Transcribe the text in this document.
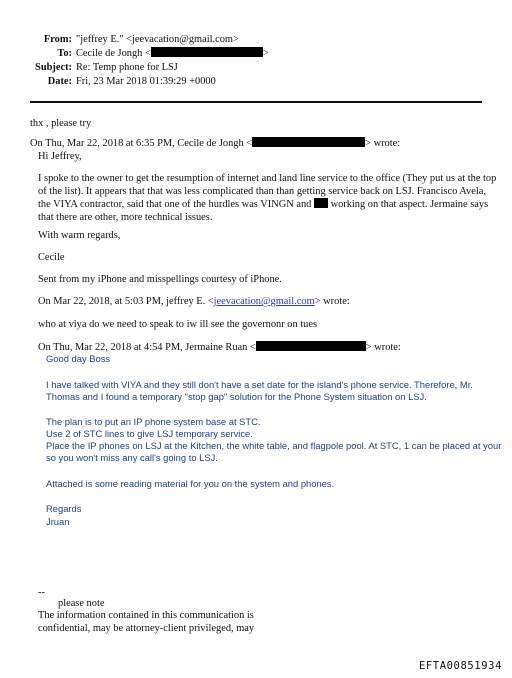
From: "jeffrey E." <jeevacation@gmail.com>
To: Cecile de Jongh <	>
Subject: Re: Temp phone for LSJ
Date: Fri, 23 Mar 2018 01:39:29 +0000
thx , please try
On Thu, Mar 22, 2018 at 6:35 PM, Cecile de Jongh <	> wrote:
Hi Jeffrey,

I spoke to the owner to get the resumption of internet and land line service to the office (They put us at the top

of the list). It appears that that was less complicated than than getting service back on LSJ. Francisco Avela,

the VIYA contractor, said that one of the hurdles was VINGN and working on that aspect. Jermaine says

that there are other, more technical issues.

With warm regards,
Cecile
Sent from my iPhone and misspellings courtesy of iPhone.
On Mar 22, 2018, at 5:03 PM, jeffrey E. <jeevacation@gmail.com> wrote:
who at viya do we need to speak to iw ill see the governonr on tues
On Thu, Mar 22, 2018 at 4:54 PM, Jermaine Ruan <	> wrote:
Good day Boss

I have talked with VIYA and they still don't have a set date for the island's phone service. Therefore, Mr.

Thomas and I found a temporary "stop gap" solution for the Phone System situation on LSJ.

The plan is to put an IP phone system base at STC.

Use 2 of STC lines to give LSJ temporary service.

Place the IP phones on LSJ at the Kitchen, the white table, and flagpole pool. At STC, 1 can be placed at your

so you won't miss any call's going to LSJ.

Attached is some reading material for you on the system and phones.

Regards

Jruan

--
please note

The information contained in this communication is

confidential, may be attorney-client privileged, may

EFTA00851934
